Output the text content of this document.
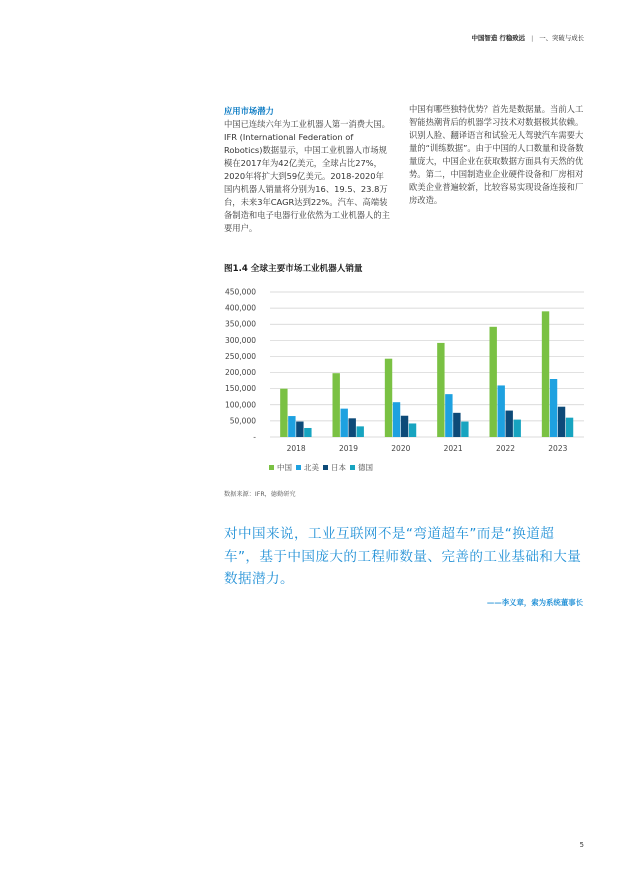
中国智造 行稳致远 | 一、突破与成长
应用市场潜力
中国已连续六年为工业机器人第一消费大国。IFR (International Federation of Robotics)数据显示，中国工业机器人市场规模在2017年为42亿美元，全球占比27%，2020年将扩大到59亿美元。2018-2020年国内机器人销量将分别为16、19.5、23.8万台，未来3年CAGR达到22%。汽车、高端装备制造和电子电器行业依然为工业机器人的主要用户。
中国有哪些独特优势？首先是数据量。当前人工智能热潮背后的机器学习技术对数据极其依赖。识别人脸、翻译语言和试验无人驾驶汽车需要大量的“训练数据”。由于中国的人口数量和设备数量庞大，中国企业在获取数据方面具有天然的优势。第二，中国制造业企业硬件设备和厂房相对欧美企业普遍较新，比较容易实现设备连接和厂房改造。
图1.4 全球主要市场工业机器人销量
-
50,000
100,000
150,000
200,000
250,000
300,000
350,000
400,000
450,000
2018	2019	2020	2021	2022	2023
中国 北美 日本 德国
数据来源：IFR，德勤研究
对中国来说，工业互联网不是“弯道超车”而是“换道超车”，基于中国庞大的工程师数量、完善的工业基础和大量数据潜力。
——李义章，索为系统董事长
5
